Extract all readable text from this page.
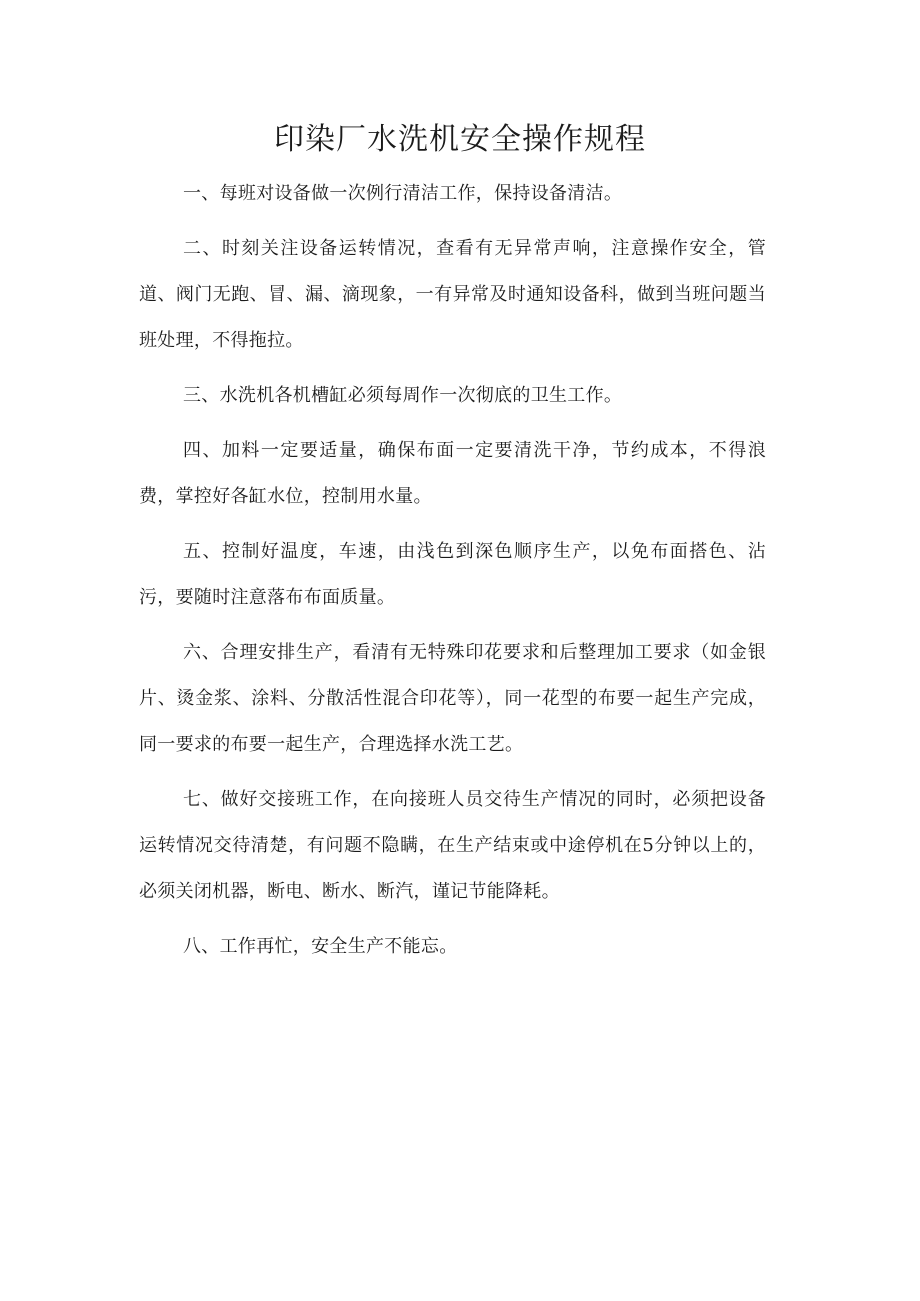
印染厂水洗机安全操作规程

一、每班对设备做一次例行清洁工作，保持设备清洁。

二、时刻关注设备运转情况，查看有无异常声响，注意操作安全，管道、阀门无跑、冒、漏、滴现象，一有异常及时通知设备科，做到当班问题当班处理，不得拖拉。

三、水洗机各机槽缸必须每周作一次彻底的卫生工作。

四、加料一定要适量，确保布面一定要清洗干净，节约成本，不得浪费，掌控好各缸水位，控制用水量。

五、控制好温度，车速，由浅色到深色顺序生产，以免布面搭色、沾污，要随时注意落布布面质量。

六、合理安排生产，看清有无特殊印花要求和后整理加工要求（如金银片、烫金浆、涂料、分散活性混合印花等），同一花型的布要一起生产完成，同一要求的布要一起生产，合理选择水洗工艺。

七、做好交接班工作，在向接班人员交待生产情况的同时，必须把设备运转情况交待清楚，有问题不隐瞒，在生产结束或中途停机在5分钟以上的，必须关闭机器，断电、断水、断汽，谨记节能降耗。

八、工作再忙，安全生产不能忘。
